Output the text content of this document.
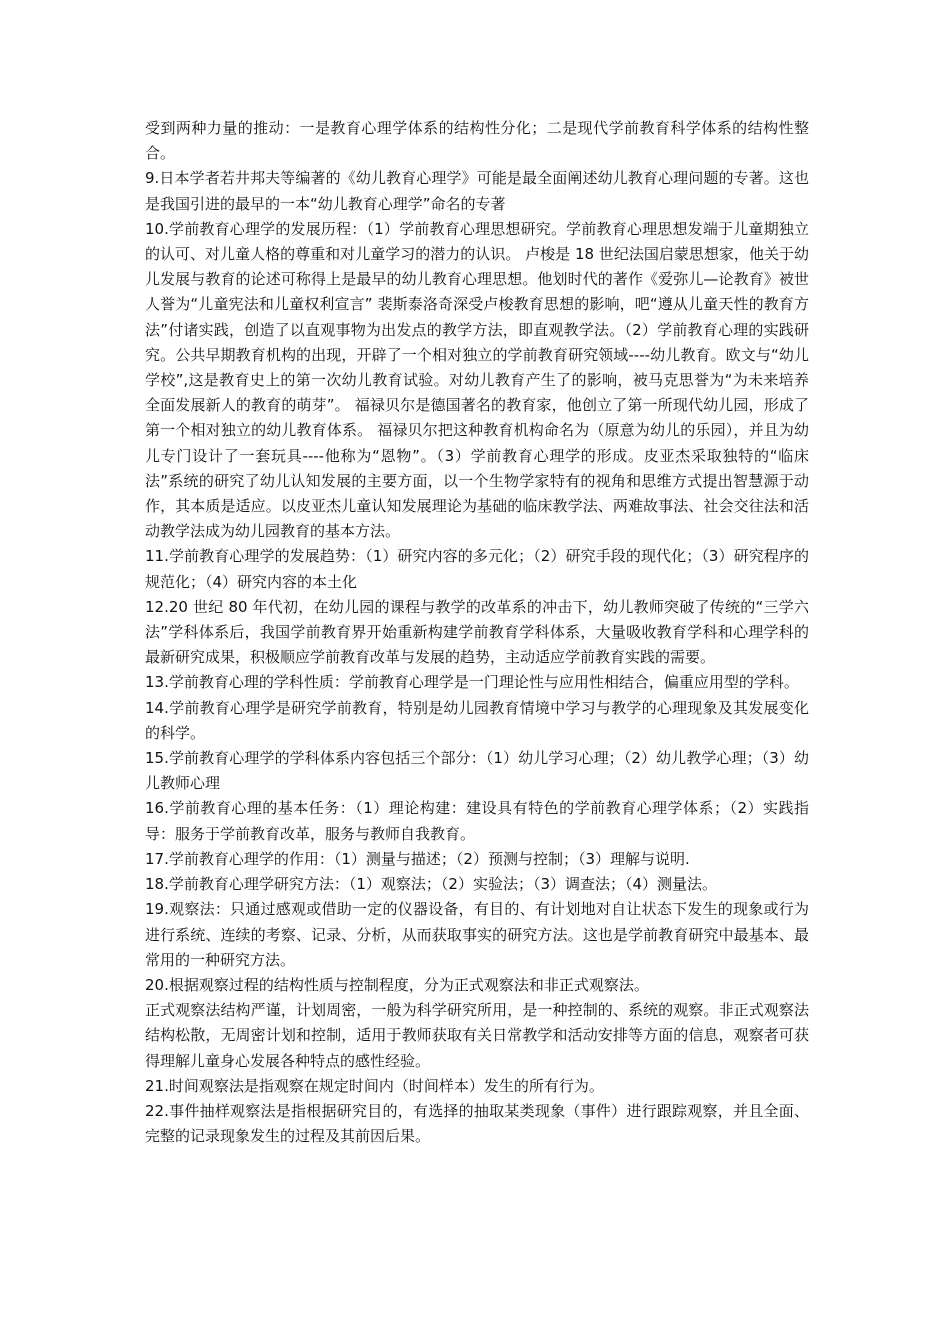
受到两种力量的推动：一是教育心理学体系的结构性分化；二是现代学前教育科学体系的结构性整合。

9.日本学者若井邦夫等编著的《幼儿教育心理学》可能是最全面阐述幼儿教育心理问题的专著。这也是我国引进的最早的一本“幼儿教育心理学”命名的专著

10.学前教育心理学的发展历程：（1）学前教育心理思想研究。学前教育心理思想发端于儿童期独立的认可、对儿童人格的尊重和对儿童学习的潜力的认识。 卢梭是 18 世纪法国启蒙思想家，他关于幼儿发展与教育的论述可称得上是最早的幼儿教育心理思想。他划时代的著作《爱弥儿—论教育》被世人誉为“儿童宪法和儿童权利宣言” 裴斯泰洛奇深受卢梭教育思想的影响，吧“遵从儿童天性的教育方法”付诸实践，创造了以直观事物为出发点的教学方法，即直观教学法。（2）学前教育心理的实践研究。公共早期教育机构的出现，开辟了一个相对独立的学前教育研究领域----幼儿教育。欧文与“幼儿学校”,这是教育史上的第一次幼儿教育试验。对幼儿教育产生了的影响，被马克思誉为“为未来培养全面发展新人的教育的萌芽”。 福禄贝尔是德国著名的教育家，他创立了第一所现代幼儿园，形成了第一个相对独立的幼儿教育体系。 福禄贝尔把这种教育机构命名为（原意为幼儿的乐园），并且为幼儿专门设计了一套玩具----他称为“恩物”。（3）学前教育心理学的形成。皮亚杰采取独特的“临床法”系统的研究了幼儿认知发展的主要方面，以一个生物学家特有的视角和思维方式提出智慧源于动作，其本质是适应。以皮亚杰儿童认知发展理论为基础的临床教学法、两难故事法、社会交往法和活动教学法成为幼儿园教育的基本方法。

11.学前教育心理学的发展趋势：（1）研究内容的多元化；（2）研究手段的现代化；（3）研究程序的规范化；（4）研究内容的本土化

12.20 世纪 80 年代初，在幼儿园的课程与教学的改革系的冲击下，幼儿教师突破了传统的“三学六法”学科体系后，我国学前教育界开始重新构建学前教育学科体系，大量吸收教育学科和心理学科的最新研究成果，积极顺应学前教育改革与发展的趋势，主动适应学前教育实践的需要。

13.学前教育心理的学科性质：学前教育心理学是一门理论性与应用性相结合，偏重应用型的学科。

14.学前教育心理学是研究学前教育，特别是幼儿园教育情境中学习与教学的心理现象及其发展变化的科学。

15.学前教育心理学的学科体系内容包括三个部分：（1）幼儿学习心理；（2）幼儿教学心理；（3）幼儿教师心理

16.学前教育心理的基本任务：（1）理论构建：建设具有特色的学前教育心理学体系；（2）实践指导：服务于学前教育改革，服务与教师自我教育。

17.学前教育心理学的作用：（1）测量与描述；（2）预测与控制；（3）理解与说明.

18.学前教育心理学研究方法：（1）观察法；（2）实验法；（3）调查法；（4）测量法。

19.观察法：只通过感观或借助一定的仪器设备，有目的、有计划地对自让状态下发生的现象或行为进行系统、连续的考察、记录、分析，从而获取事实的研究方法。这也是学前教育研究中最基本、最常用的一种研究方法。

20.根据观察过程的结构性质与控制程度，分为正式观察法和非正式观察法。

正式观察法结构严谨，计划周密，一般为科学研究所用，是一种控制的、系统的观察。非正式观察法结构松散，无周密计划和控制，适用于教师获取有关日常教学和活动安排等方面的信息，观察者可获得理解儿童身心发展各种特点的感性经验。

21.时间观察法是指观察在规定时间内（时间样本）发生的所有行为。

22.事件抽样观察法是指根据研究目的，有选择的抽取某类现象（事件）进行跟踪观察，并且全面、完整的记录现象发生的过程及其前因后果。
